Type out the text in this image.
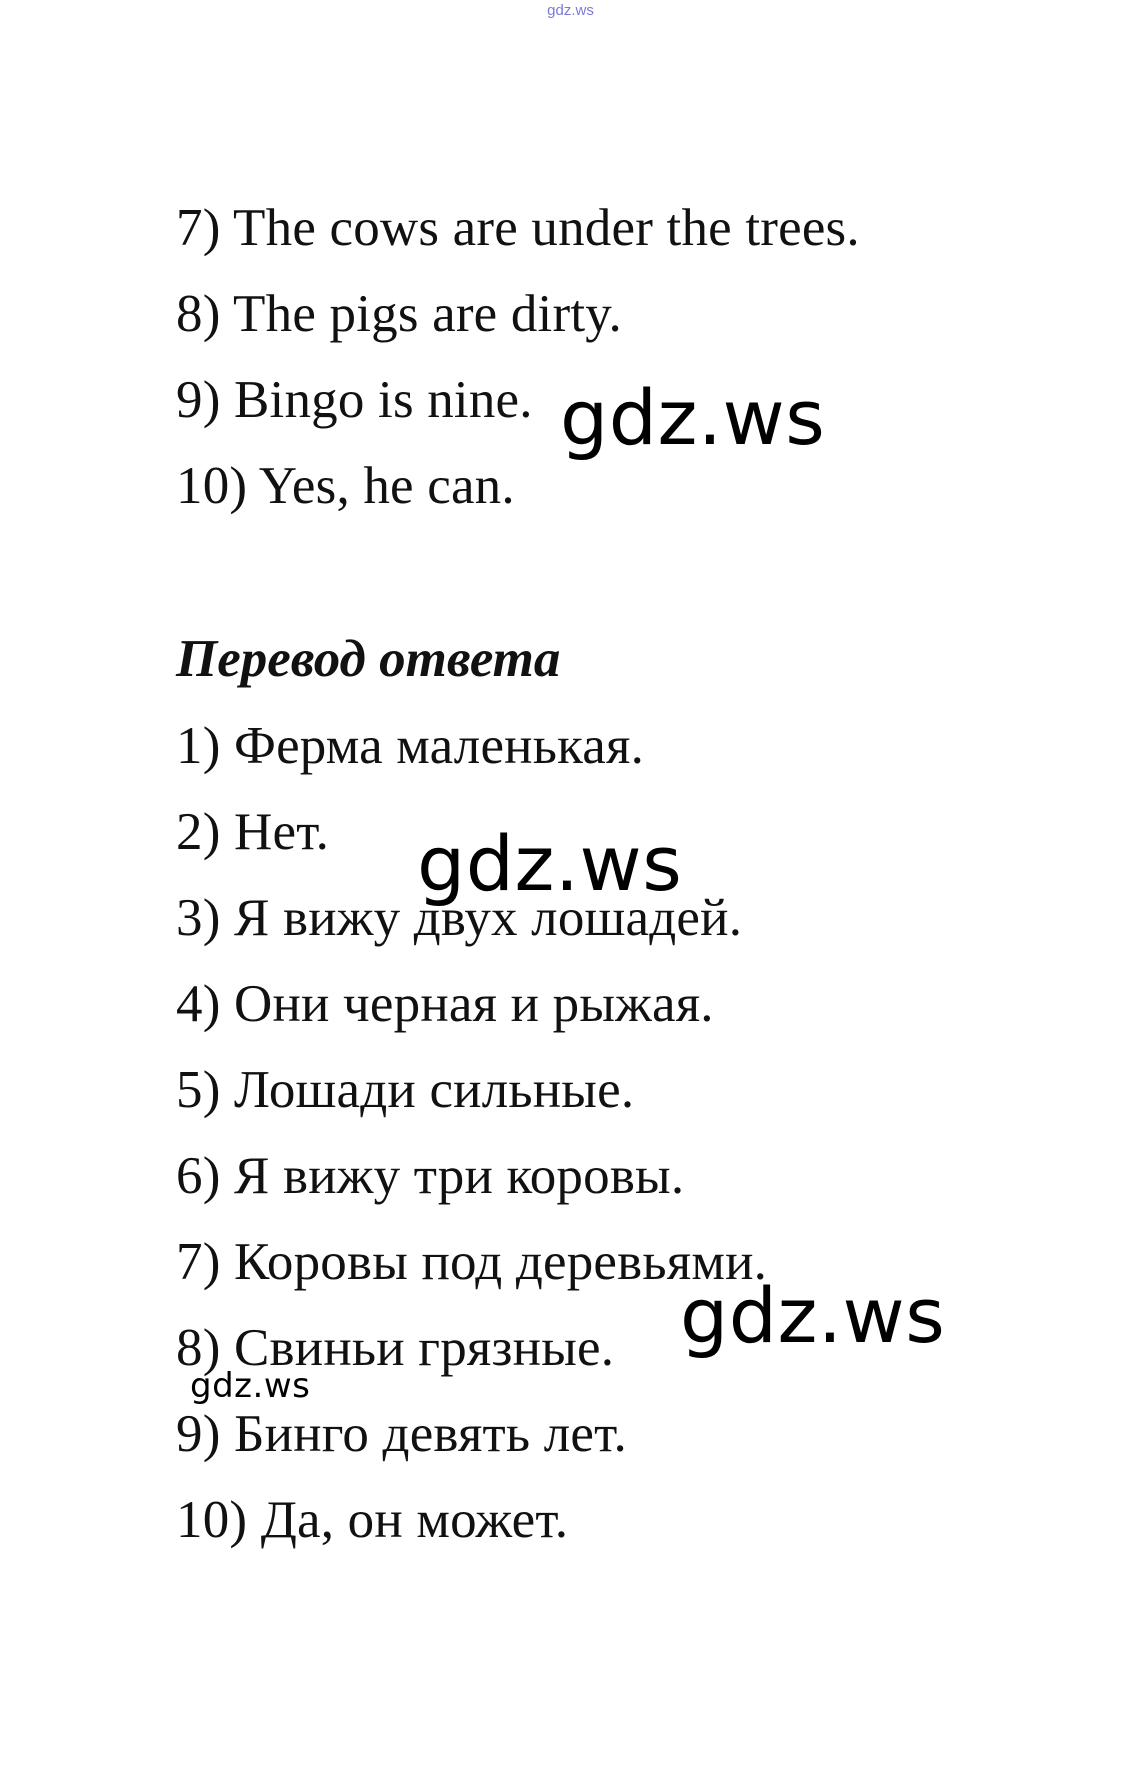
gdz.ws
7) The cows are under the trees.
8) The pigs are dirty.
9) Bingo is nine.
10) Yes, he can.
Перевод ответа
1) Ферма маленькая.
2) Нет.
3) Я вижу двух лошадей.
4) Они черная и рыжая.
5) Лошади сильные.
6) Я вижу три коровы.
7) Коровы под деревьями.
8) Свиньи грязные.
9) Бинго девять лет.
10) Да, он может.
gdz.ws
gdz.ws
gdz.ws
gdz.ws
